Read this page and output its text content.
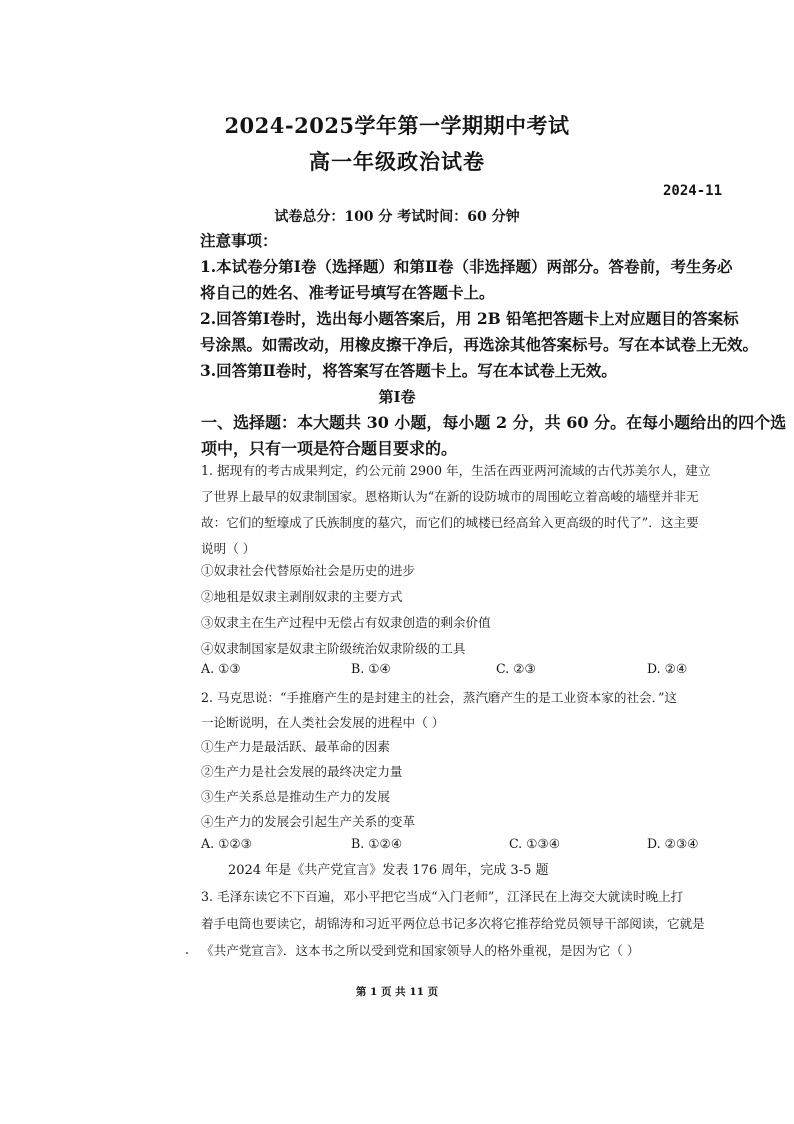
2024-2025学年第一学期期中考试
高一年级政治试卷
2024-11
试卷总分：100 分 考试时间：60 分钟
注意事项：
1.本试卷分第Ⅰ卷（选择题）和第Ⅱ卷（非选择题）两部分。答卷前，考生务必
将自己的姓名、准考证号填写在答题卡上。
2.回答第Ⅰ卷时，选出每小题答案后，用 2B 铅笔把答题卡上对应题目的答案标
号涂黑。如需改动，用橡皮擦干净后，再选涂其他答案标号。写在本试卷上无效。
3.回答第Ⅱ卷时，将答案写在答题卡上。写在本试卷上无效。
第Ⅰ卷
一、选择题：本大题共 30 小题，每小题 2 分，共 60 分。在每小题给出的四个选
项中，只有一项是符合题目要求的。
1. 据现有的考古成果判定，约公元前 2900 年，生活在西亚两河流域的古代苏美尔人，建立
了世界上最早的奴隶制国家。恩格斯认为“在新的设防城市的周围屹立着高峻的墙壁并非无
故：它们的堑壕成了氏族制度的墓穴，而它们的城楼已经高耸入更高级的时代了”．这主要
说明（ ）
①奴隶社会代替原始社会是历史的进步
②地租是奴隶主剥削奴隶的主要方式
③奴隶主在生产过程中无偿占有奴隶创造的剩余价值
④奴隶制国家是奴隶主阶级统治奴隶阶级的工具
A. ①③	B. ①④	C. ②③	D. ②④
2. 马克思说：“手推磨产生的是封建主的社会，蒸汽磨产生的是工业资本家的社会．”这
一论断说明，在人类社会发展的进程中（ ）
①生产力是最活跃、最革命的因素
②生产力是社会发展的最终决定力量
③生产关系总是推动生产力的发展
④生产力的发展会引起生产关系的变革
A. ①②③	B. ①②④	C. ①③④	D. ②③④
2024 年是《共产党宣言》发表 176 周年，完成 3-5 题
3. 毛泽东读它不下百遍，邓小平把它当成“入门老师”，江泽民在上海交大就读时晚上打
着手电筒也要读它，胡锦涛和习近平两位总书记多次将它推荐给党员领导干部阅读，它就是
《共产党宣言》．这本书之所以受到党和国家领导人的格外重视，是因为它（ ）
第 1 页 共 11 页
